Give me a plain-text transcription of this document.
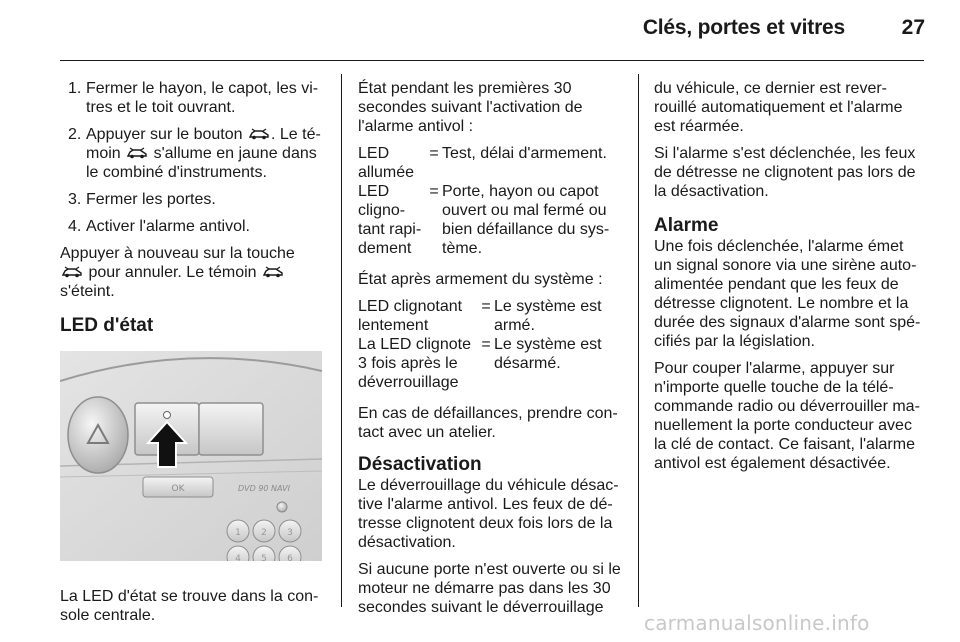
Clés, portes et vitres	27
1. Fermer le hayon, le capot, les vi-tres et le toit ouvrant.
2. Appuyer sur le bouton . Le té-moin  s'allume en jaune dans le combiné d'instruments.
3. Fermer les portes.
4. Activer l'alarme antivol.

Appuyer à nouveau sur la touche
pour annuler. Le témoin
s'éteint.

LED d'état
OK	DVD 90 NAVI
1 2 3
4 5 6

La LED d'état se trouve dans la con-sole centrale.

État pendant les premières 30 secondes suivant l'activation de l'alarme antivol :

LED allumée
= Test, délai d'armement.
LED cligno-tant rapi-dement
= Porte, hayon ou capot ouvert ou mal fermé ou bien défaillance du sys-tème.

État après armement du système :

LED clignotant lentement
= Le système est armé.
La LED clignote 3 fois après le déverrouillage
= Le système est désarmé.

En cas de défaillances, prendre con-tact avec un atelier.

Désactivation

Le déverrouillage du véhicule désac-tive l'alarme antivol. Les feux de dé-tresse clignotent deux fois lors de la désactivation.

Si aucune porte n'est ouverte ou si le moteur ne démarre pas dans les 30 secondes suivant le déverrouillage

du véhicule, ce dernier est rever-rouillé automatiquement et l'alarme est réarmée.

Si l'alarme s'est déclenchée, les feux de détresse ne clignotent pas lors de la désactivation.

Alarme

Une fois déclenchée, l'alarme émet un signal sonore via une sirène auto-alimentée pendant que les feux de détresse clignotent. Le nombre et la durée des signaux d'alarme sont spé-cifiés par la législation.

Pour couper l'alarme, appuyer sur n'importe quelle touche de la télé-commande radio ou déverrouiller ma-nuellement la porte conducteur avec la clé de contact. Ce faisant, l'alarme antivol est également désactivée.

carmanualsonline.info
